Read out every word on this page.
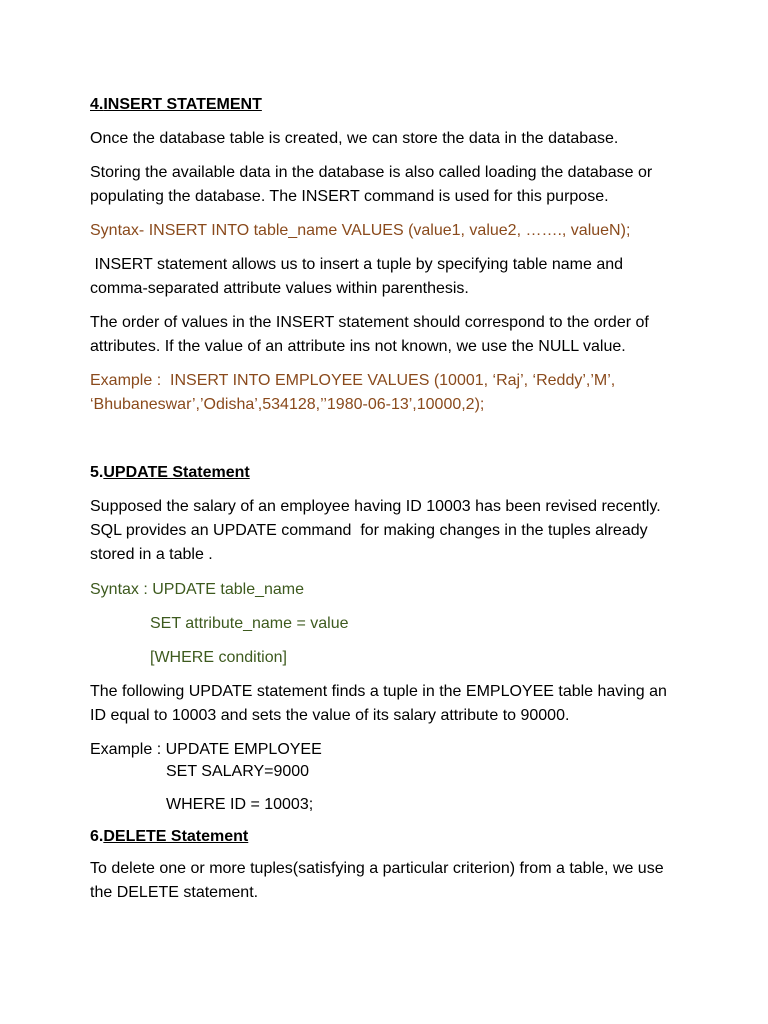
4.INSERT STATEMENT
Once the database table is created, we can store the data in the database.
Storing the available data in the database is also called loading the database or
populating the database. The INSERT command is used for this purpose.
Syntax- INSERT INTO table_name VALUES (value1, value2, ……., valueN);
INSERT statement allows us to insert a tuple by specifying table name and
comma-separated attribute values within parenthesis.
The order of values in the INSERT statement should correspond to the order of
attributes. If the value of an attribute ins not known, we use the NULL value.
Example :  INSERT INTO EMPLOYEE VALUES (10001, ‘Raj’, ‘Reddy’,’M’,
‘Bhubaneswar’,’Odisha’,534128,’’1980-06-13’,10000,2);
5.UPDATE Statement
Supposed the salary of an employee having ID 10003 has been revised recently.
SQL provides an UPDATE command  for making changes in the tuples already
stored in a table .
Syntax : UPDATE table_name
SET attribute_name = value
[WHERE condition]
The following UPDATE statement finds a tuple in the EMPLOYEE table having an
ID equal to 10003 and sets the value of its salary attribute to 90000.
Example : UPDATE EMPLOYEE
SET SALARY=9000
WHERE ID = 10003;
6.DELETE Statement
To delete one or more tuples(satisfying a particular criterion) from a table, we use
the DELETE statement.
